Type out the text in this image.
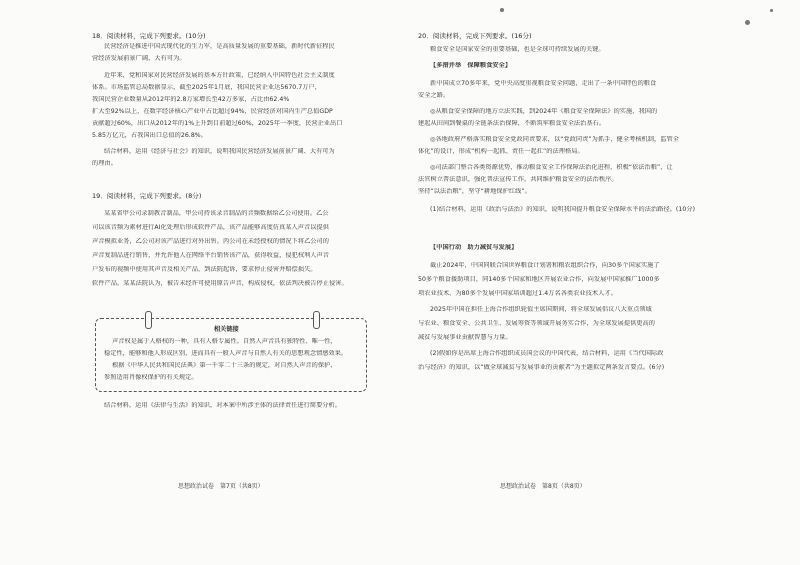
18．阅读材料，完成下列要求。(10分)
民营经济是推进中国式现代化的生力军，是高质量发展的重要基础，新时代新征程民
营经济发展前景广阔、大有可为。
近年来，党和国家对民营经济发展的基本方针政策，已经纳入中国特色社会主义制度
体系。市场监管总局数据显示，截至2025年1月底，我国民营企业达5670.7万户，
我国民营企业数量从2012年的2.8万家增长至42万多家，占比由62.4%
扩大至92%以上，在数字经济核心产业中占比超过94%，民营经济对国内生产总值GDP
贡献超过60%，出口从2012年的1%上升到目前超过60%，2025年一季度，民营企业出口
5.85万亿元，占我国出口总值的26.8%。
结合材料，运用《经济与社会》的知识，说明我国民营经济发展前景广阔、大有可为
的理由。
19．阅读材料，完成下列要求。(8分)
某某省甲公司录制教音制品，甲公司持该录音制品的音频数据给乙公司使用。乙公
司以该音频为素材进行AI化处理后形成软件产品，该产品能够高度仿真某人声音以提供
声音模拟业务，乙公司对该产品进行对外出售。丙公司在未经授权的情况下将乙公司的
声音复制品进行销售，并允许他人在网络平台销售该产品，获得收益，侵犯权利人声音
户发布的视频中使用其声音及相关产品，到法院起诉，要求停止侵害并赔偿损失。
软件产品。某某法院认为，被告未经许可使用原告声音，构成侵权，依法判决被告停止侵害。
相关链接
声音权是属于人格权的一种，具有人格专属性。自然人声音具有独特性、唯一性，
稳定性，能够和他人形成区别，进而具有一般人声音与自然人有关的思想观念情感效果。
根据《中华人民共和国民法典》第一千零二十三条的规定，对自然人声音的保护，
参照适用肖像权保护的有关规定。
结合材料，运用《法律与生活》的知识，对本案中所涉主体的法律责任进行简要分析。
思想政治试卷　第7页（共8页）
20．阅读材料，完成下列要求。(16分)
粮食安全是国家安全的重要基础，也是全球可持续发展的关键。
【多措并举　保障粮食安全】
新中国成立70多年来，党中央高度重视粮食安全问题，走出了一条中国特色的粮食
安全之路。
◎从粮食安全保障的地方立法实践，到2024年《粮食安全保障法》的实施，我国的
建起从田间到餐桌的全链条法治保障，不断筑牢粮食安全法治基石。
◎各地政府严格落实粮食安全党政同责要求，以“党政同责”为抓手，健全考核机制，监管全
体化”的设计，形成“机构一起抓、责任一起扛”的法理格局。
◎司法部门整合各类资源优势，推动粮食安全工作保障法治化进程，积极“依法治粮”，让
法官树立普法意识，强化普法宣传工作，共同维护粮食安全的法治秩序。
坚持“以法治粮”，坚守“耕地保护红线”。
(1)结合材料，运用《政治与法治》的知识，说明我国提升粮食安全保障水平的法治路径。(10分)
【中国行动　助力减贫与发展】
截止2024年，中国同联合国世界粮食计划署和粮农组织合作，向30多个国家实施了
50多个粮食援助项目，同140多个国家和地区开展农业合作，向发展中国家推广1000多
项农业技术，为80多个发展中国家培训超过1.4万名各类农业技术人才。
2025年中国在担任上海合作组织轮值主席国期间，将全球发展倡议八大重点领域
与农业、粮食安全、公共卫生、发展筹资等领域开展务实合作，为全球发展提供更高的
减贫与发展事业贡献智慧与力量。
(2)假如你是出席上海合作组织成员国会议的中国代表，结合材料，运用《当代国际政
治与经济》的知识，以“做全球减贫与发展事业的贡献者”为主题拟定两条发言要点。(6分)
思想政治试卷　第8页（共8页）
